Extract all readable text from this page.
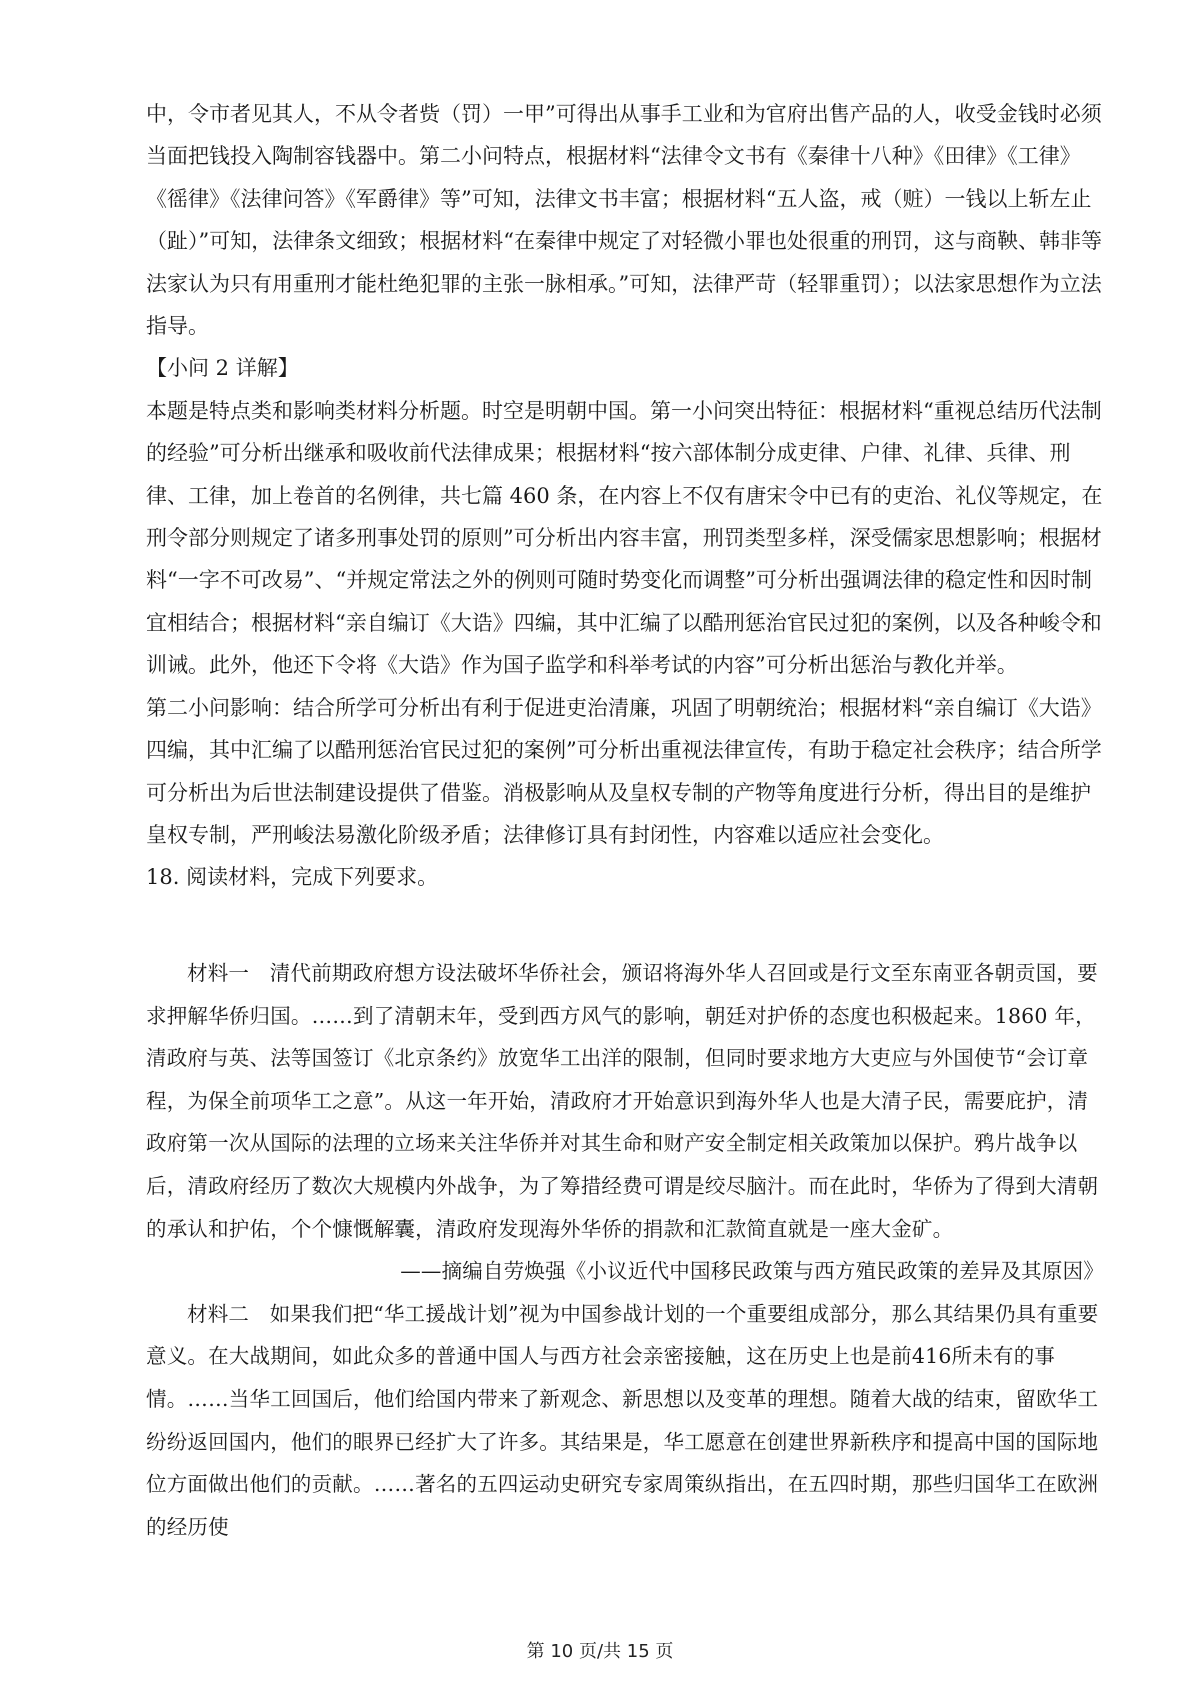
中，令市者见其人，不从令者赀（罚）一甲”可得出从事手工业和为官府出售产品的人，收受金钱时必须当面把钱投入陶制容钱器中。第二小问特点，根据材料“法律令文书有《秦律十八种》《田律》《工律》《徭律》《法律问答》《军爵律》等”可知，法律文书丰富；根据材料“五人盗，戒（赃）一钱以上斩左止（趾）”可知，法律条文细致；根据材料“在秦律中规定了对轻微小罪也处很重的刑罚，这与商鞅、韩非等法家认为只有用重刑才能杜绝犯罪的主张一脉相承。”可知，法律严苛（轻罪重罚）；以法家思想作为立法指导。

【小问 2 详解】

本题是特点类和影响类材料分析题。时空是明朝中国。第一小问突出特征：根据材料“重视总结历代法制的经验”可分析出继承和吸收前代法律成果；根据材料“按六部体制分成吏律、户律、礼律、兵律、刑律、工律，加上卷首的名例律，共七篇 460 条，在内容上不仅有唐宋令中已有的吏治、礼仪等规定，在刑令部分则规定了诸多刑事处罚的原则”可分析出内容丰富，刑罚类型多样，深受儒家思想影响；根据材料“一字不可改易”、“并规定常法之外的例则可随时势变化而调整”可分析出强调法律的稳定性和因时制宜相结合；根据材料“亲自编订《大诰》四编，其中汇编了以酷刑惩治官民过犯的案例，以及各种峻令和训诫。此外，他还下令将《大诰》作为国子监学和科举考试的内容”可分析出惩治与教化并举。

第二小问影响：结合所学可分析出有利于促进吏治清廉，巩固了明朝统治；根据材料“亲自编订《大诰》四编，其中汇编了以酷刑惩治官民过犯的案例”可分析出重视法律宣传，有助于稳定社会秩序；结合所学可分析出为后世法制建设提供了借鉴。消极影响从及皇权专制的产物等角度进行分析，得出目的是维护皇权专制，严刑峻法易激化阶级矛盾；法律修订具有封闭性，内容难以适应社会变化。

18. 阅读材料，完成下列要求。

材料一　清代前期政府想方设法破坏华侨社会，颁诏将海外华人召回或是行文至东南亚各朝贡国，要求押解华侨归国。……到了清朝末年，受到西方风气的影响，朝廷对护侨的态度也积极起来。1860 年，清政府与英、法等国签订《北京条约》放宽华工出洋的限制，但同时要求地方大吏应与外国使节“会订章程，为保全前项华工之意”。从这一年开始，清政府才开始意识到海外华人也是大清子民，需要庇护，清政府第一次从国际的法理的立场来关注华侨并对其生命和财产安全制定相关政策加以保护。鸦片战争以后，清政府经历了数次大规模内外战争，为了筹措经费可谓是绞尽脑汁。而在此时，华侨为了得到大清朝的承认和护佑，个个慷慨解囊，清政府发现海外华侨的捐款和汇款简直就是一座大金矿。

——摘编自劳焕强《小议近代中国移民政策与西方殖民政策的差异及其原因》

材料二　如果我们把“华工援战计划”视为中国参战计划的一个重要组成部分，那么其结果仍具有重要意义。在大战期间，如此众多的普通中国人与西方社会亲密接触，这在历史上也是前416所未有的事情。……当华工回国后，他们给国内带来了新观念、新思想以及变革的理想。随着大战的结束，留欧华工纷纷返回国内，他们的眼界已经扩大了许多。其结果是，华工愿意在创建世界新秩序和提高中国的国际地位方面做出他们的贡献。……著名的五四运动史研究专家周策纵指出，在五四时期，那些归国华工在欧洲的经历使

第 10 页/共 15 页
